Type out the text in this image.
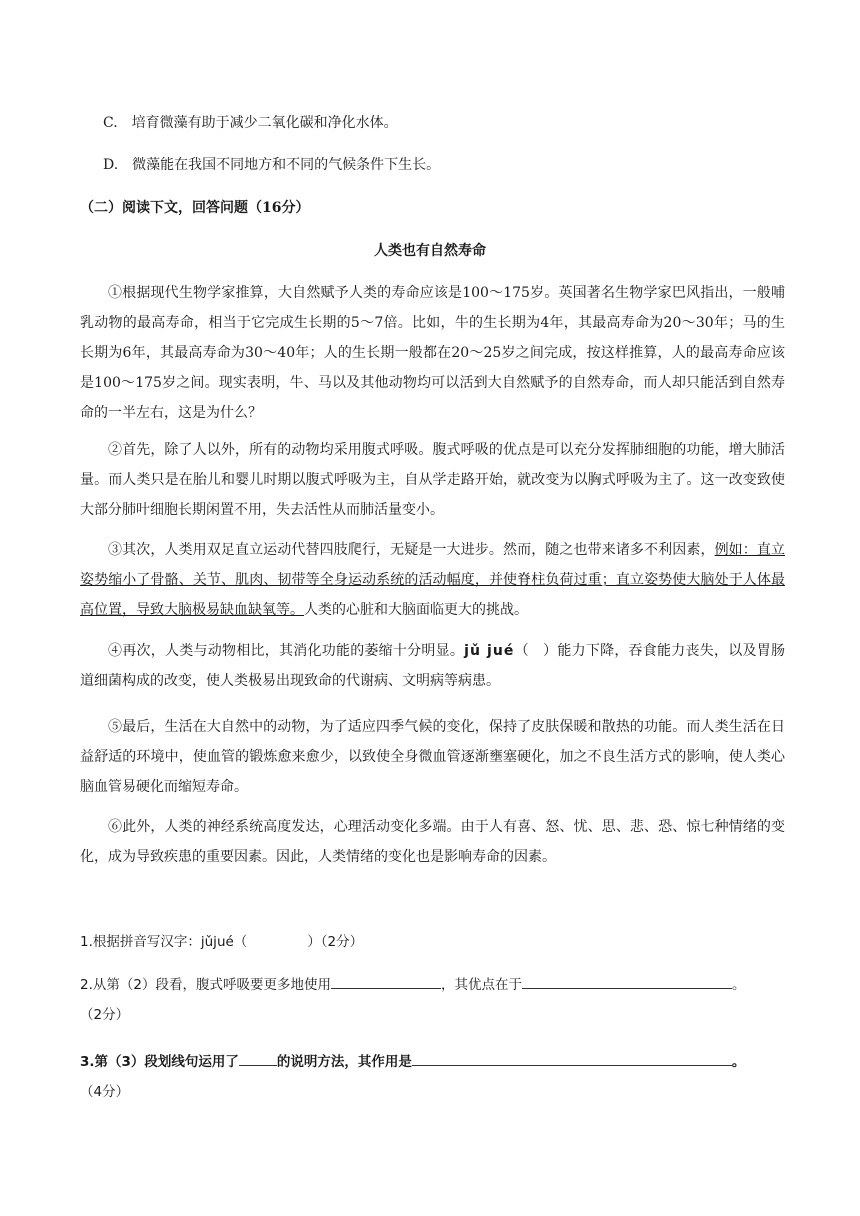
C.　培育微藻有助于减少二氧化碳和净化水体。
D.　微藻能在我国不同地方和不同的气候条件下生长。
（二）阅读下文，回答问题（16分）
人类也有自然寿命
①根据现代生物学家推算，大自然赋予人类的寿命应该是100～175岁。英国著名生物学家巴风指出，一般哺乳动物的最高寿命，相当于它完成生长期的5～7倍。比如，牛的生长期为4年，其最高寿命为20～30年；马的生长期为6年，其最高寿命为30～40年；人的生长期一般都在20～25岁之间完成，按这样推算，人的最高寿命应该是100～175岁之间。现实表明，牛、马以及其他动物均可以活到大自然赋予的自然寿命，而人却只能活到自然寿命的一半左右，这是为什么？
②首先，除了人以外，所有的动物均采用腹式呼吸。腹式呼吸的优点是可以充分发挥肺细胞的功能，增大肺活量。而人类只是在胎儿和婴儿时期以腹式呼吸为主，自从学走路开始，就改变为以胸式呼吸为主了。这一改变致使大部分肺叶细胞长期闲置不用，失去活性从而肺活量变小。
③其次，人类用双足直立运动代替四肢爬行，无疑是一大进步。然而，随之也带来诸多不利因素，例如：直立姿势缩小了骨骼、关节、肌肉、韧带等全身运动系统的活动幅度，并使脊柱负荷过重；直立姿势使大脑处于人体最高位置，导致大脑极易缺血缺氧等。人类的心脏和大脑面临更大的挑战。
④再次，人类与动物相比，其消化功能的萎缩十分明显。jǔ jué（　）能力下降，吞食能力丧失，以及胃肠道细菌构成的改变，使人类极易出现致命的代谢病、文明病等病患。
⑤最后，生活在大自然中的动物，为了适应四季气候的变化，保持了皮肤保暖和散热的功能。而人类生活在日益舒适的环境中，使血管的锻炼愈来愈少，以致使全身微血管逐渐壅塞硬化，加之不良生活方式的影响，使人类心脑血管易硬化而缩短寿命。
⑥此外，人类的神经系统高度发达，心理活动变化多端。由于人有喜、怒、忧、思、悲、恐、惊七种情绪的变化，成为导致疾患的重要因素。因此，人类情绪的变化也是影响寿命的因素。
1.根据拼音写汉字：jǔjué（	）（2分）
2.从第（2）段看，腹式呼吸要更多地使用	，其优点在于	。
（2分）
3.第（3）段划线句运用了	的说明方法，其作用是	。
（4分）
